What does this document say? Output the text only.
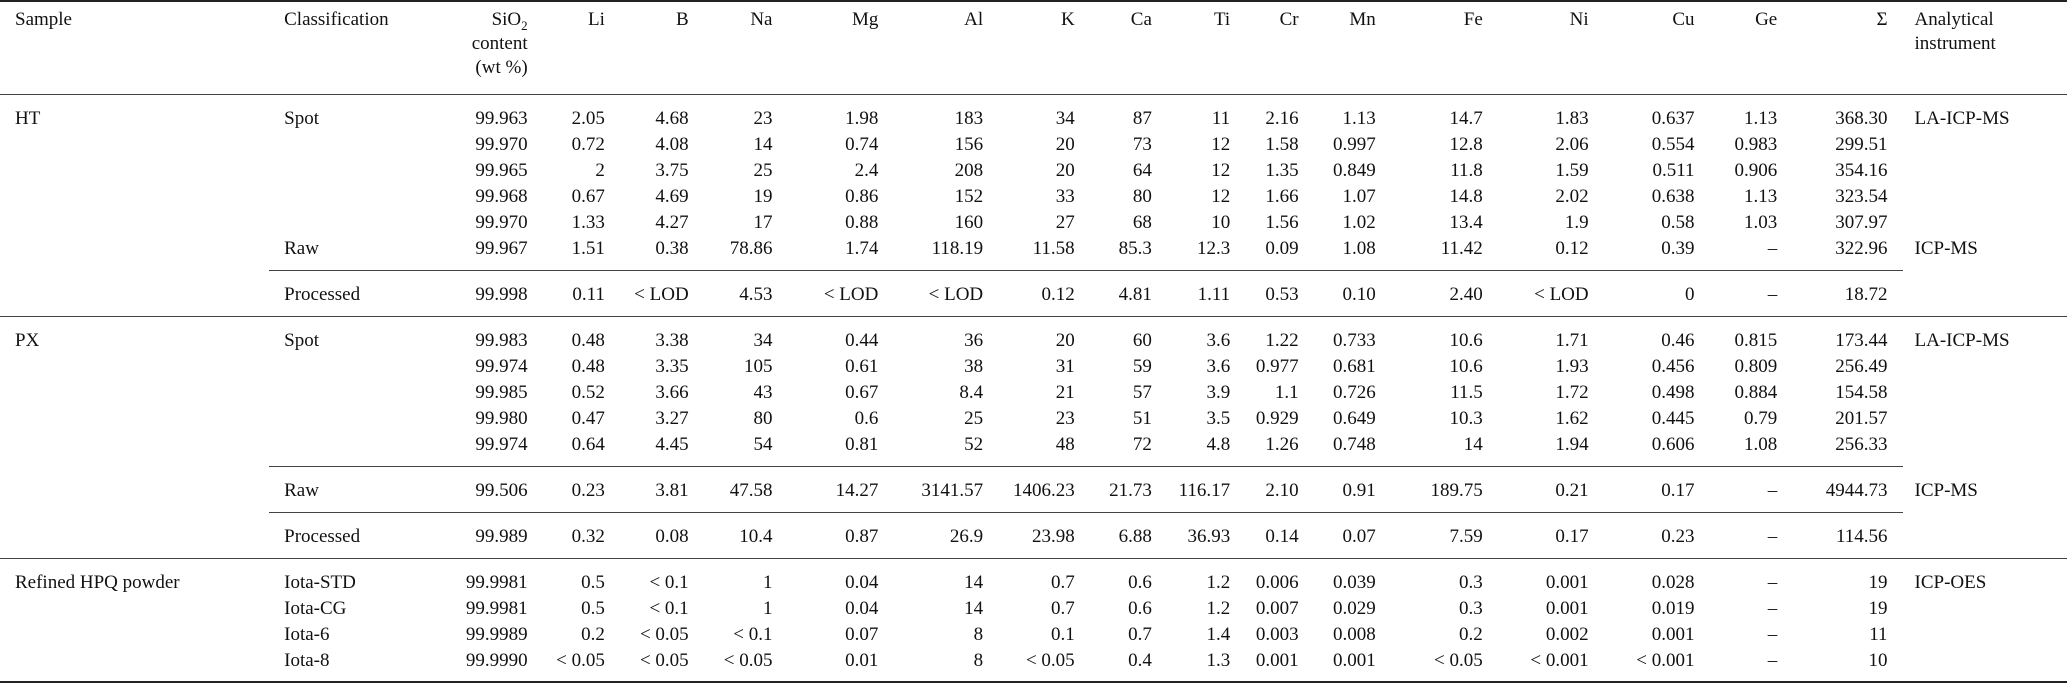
Sample	Classification	SiO$_2$
content
(wt %)	Li	B	Na	Mg	Al	K	Ca	Ti	Cr	Mn	Fe	Ni	Cu	Ge	Σ	Analytical
instrument
HT	Spot	99.963	2.05	4.68	23	1.98	183	34	87	11	2.16	1.13	14.7	1.83	0.637	1.13	368.30	LA-ICP-MS
		99.970	0.72	4.08	14	0.74	156	20	73	12	1.58	0.997	12.8	2.06	0.554	0.983	299.51	
		99.965	2	3.75	25	2.4	208	20	64	12	1.35	0.849	11.8	1.59	0.511	0.906	354.16	
		99.968	0.67	4.69	19	0.86	152	33	80	12	1.66	1.07	14.8	2.02	0.638	1.13	323.54	
		99.970	1.33	4.27	17	0.88	160	27	68	10	1.56	1.02	13.4	1.9	0.58	1.03	307.97	
	Raw	99.967	1.51	0.38	78.86	1.74	118.19	11.58	85.3	12.3	0.09	1.08	11.42	0.12	0.39	–	322.96	ICP-MS
	Processed	99.998	0.11	< LOD	4.53	< LOD	< LOD	0.12	4.81	1.11	0.53	0.10	2.40	< LOD	0	–	18.72	
PX	Spot	99.983	0.48	3.38	34	0.44	36	20	60	3.6	1.22	0.733	10.6	1.71	0.46	0.815	173.44	LA-ICP-MS
		99.974	0.48	3.35	105	0.61	38	31	59	3.6	0.977	0.681	10.6	1.93	0.456	0.809	256.49	
		99.985	0.52	3.66	43	0.67	8.4	21	57	3.9	1.1	0.726	11.5	1.72	0.498	0.884	154.58	
		99.980	0.47	3.27	80	0.6	25	23	51	3.5	0.929	0.649	10.3	1.62	0.445	0.79	201.57	
		99.974	0.64	4.45	54	0.81	52	48	72	4.8	1.26	0.748	14	1.94	0.606	1.08	256.33	
	Raw	99.506	0.23	3.81	47.58	14.27	3141.57	1406.23	21.73	116.17	2.10	0.91	189.75	0.21	0.17	–	4944.73	ICP-MS
	Processed	99.989	0.32	0.08	10.4	0.87	26.9	23.98	6.88	36.93	0.14	0.07	7.59	0.17	0.23	–	114.56	
Refined HPQ powder	Iota-STD	99.9981	0.5	< 0.1	1	0.04	14	0.7	0.6	1.2	0.006	0.039	0.3	0.001	0.028	–	19	ICP-OES
	Iota-CG	99.9981	0.5	< 0.1	1	0.04	14	0.7	0.6	1.2	0.007	0.029	0.3	0.001	0.019	–	19	
	Iota-6	99.9989	0.2	< 0.05	< 0.1	0.07	8	0.1	0.7	1.4	0.003	0.008	0.2	0.002	0.001	–	11	
	Iota-8	99.9990	< 0.05	< 0.05	< 0.05	0.01	8	< 0.05	0.4	1.3	0.001	0.001	< 0.05	< 0.001	< 0.001	–	10	
